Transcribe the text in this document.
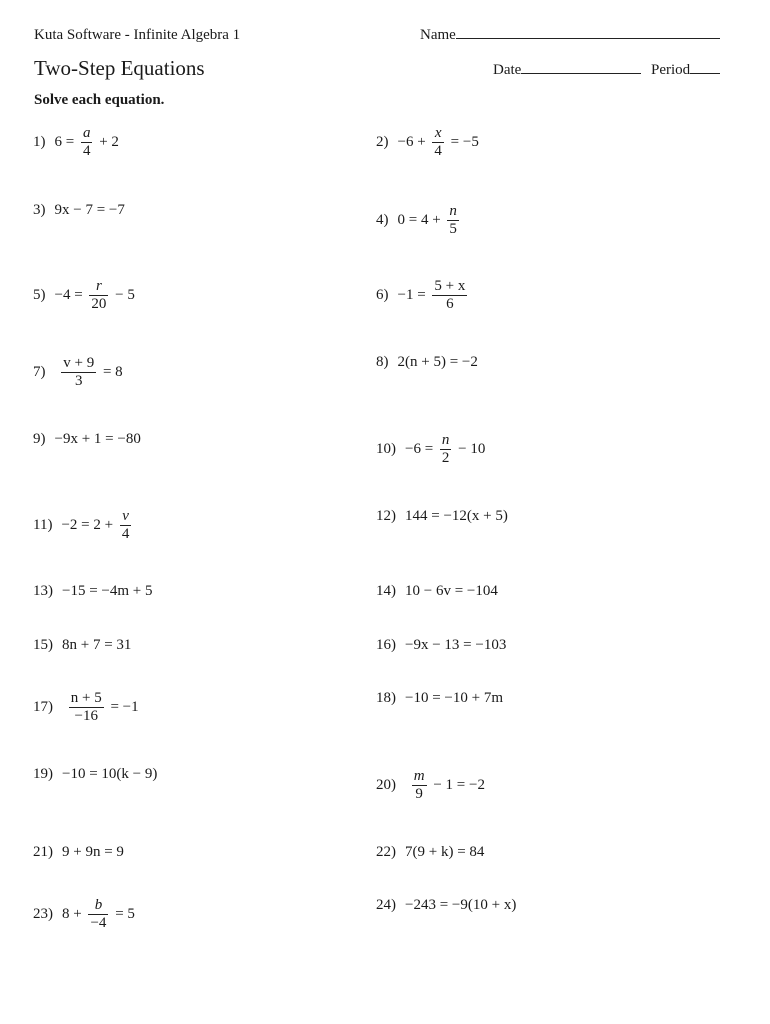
Kuta Software - Infinite Algebra 1	Name
Two-Step Equations	Date	Period
Solve each equation.
1) $6 = \frac{a}{4} + 2$	$2) -6 + \frac{x}{4} = -5$
3) 9x − 7 = −7
4) $0 = 4 + \frac{n}{5}$
$5) -4 = \frac{r}{20} - 5$	$6) -1 = \frac{5 + x}{6}$
$7) \frac{v + 9}{3} = 8$
8) 2(n + 5) = −2
9) −9x + 1 = −80
$10) -6 = \frac{n}{2} - 10$
$11) -2 = 2 + \frac{v}{4}$	12) 144 = −12(x + 5)
13) −15 = −4m + 5	14) 10 − 6v = −104
15) 8n + 7 = 31	16) −9x − 13 = −103
$17) \frac{n + 5}{-16} = -1$
18) −10 = −10 + 7m
19) −10 = 10(k − 9)
$20) \frac{m}{9} - 1 = -2$
21) 9 + 9n = 9	22) 7(9 + k) = 84
23) $8 + \frac{b}{-4} = 5$
24) −243 = −9(10 + x)
